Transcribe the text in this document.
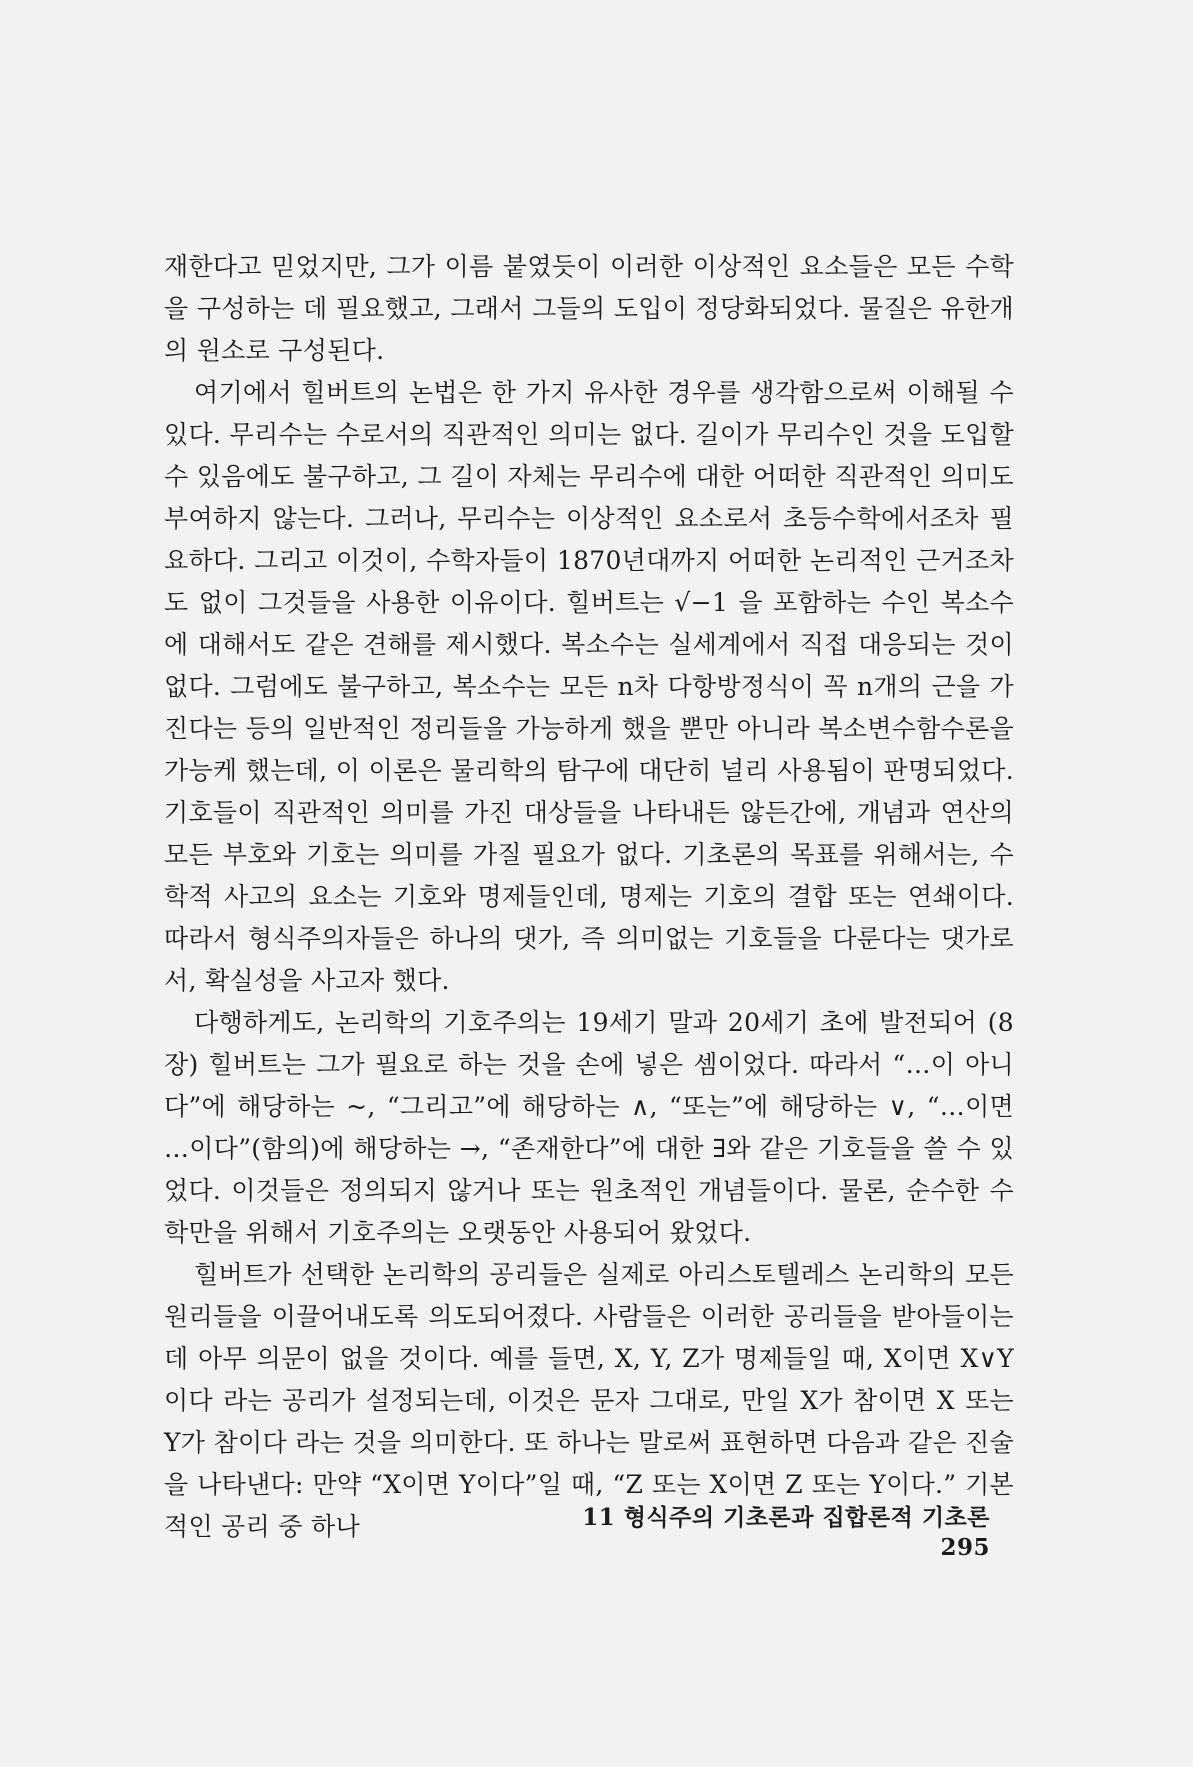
재한다고 믿었지만, 그가 이름 붙였듯이 이러한 이상적인 요소들은 모든 수학을 구성하는 데 필요했고, 그래서 그들의 도입이 정당화되었다. 물질은 유한개의 원소로 구성된다.

여기에서 힐버트의 논법은 한 가지 유사한 경우를 생각함으로써 이해될 수 있다. 무리수는 수로서의 직관적인 의미는 없다. 길이가 무리수인 것을 도입할 수 있음에도 불구하고, 그 길이 자체는 무리수에 대한 어떠한 직관적인 의미도 부여하지 않는다. 그러나, 무리수는 이상적인 요소로서 초등수학에서조차 필요하다. 그리고 이것이, 수학자들이 1870년대까지 어떠한 논리적인 근거조차도 없이 그것들을 사용한 이유이다. 힐버트는 √−1 을 포함하는 수인 복소수에 대해서도 같은 견해를 제시했다. 복소수는 실세계에서 직접 대응되는 것이 없다. 그럼에도 불구하고, 복소수는 모든 n차 다항방정식이 꼭 n개의 근을 가진다는 등의 일반적인 정리들을 가능하게 했을 뿐만 아니라 복소변수함수론을 가능케 했는데, 이 이론은 물리학의 탐구에 대단히 널리 사용됨이 판명되었다. 기호들이 직관적인 의미를 가진 대상들을 나타내든 않든간에, 개념과 연산의 모든 부호와 기호는 의미를 가질 필요가 없다. 기초론의 목표를 위해서는, 수학적 사고의 요소는 기호와 명제들인데, 명제는 기호의 결합 또는 연쇄이다. 따라서 형식주의자들은 하나의 댓가, 즉 의미없는 기호들을 다룬다는 댓가로서, 확실성을 사고자 했다.

다행하게도, 논리학의 기호주의는 19세기 말과 20세기 초에 발전되어 (8장) 힐버트는 그가 필요로 하는 것을 손에 넣은 셈이었다. 따라서 “…이 아니다”에 해당하는 ~, “그리고”에 해당하는 ∧, “또는”에 해당하는 ∨, “…이면 …이다”(함의)에 해당하는 →, “존재한다”에 대한 ∃와 같은 기호들을 쓸 수 있었다. 이것들은 정의되지 않거나 또는 원초적인 개념들이다. 물론, 순수한 수학만을 위해서 기호주의는 오랫동안 사용되어 왔었다.

힐버트가 선택한 논리학의 공리들은 실제로 아리스토텔레스 논리학의 모든 원리들을 이끌어내도록 의도되어졌다. 사람들은 이러한 공리들을 받아들이는 데 아무 의문이 없을 것이다. 예를 들면, X, Y, Z가 명제들일 때, X이면 X∨Y이다 라는 공리가 설정되는데, 이것은 문자 그대로, 만일 X가 참이면 X 또는 Y가 참이다 라는 것을 의미한다. 또 하나는 말로써 표현하면 다음과 같은 진술을 나타낸다: 만약 “X이면 Y이다”일 때, “Z 또는 X이면 Z 또는 Y이다.” 기본적인 공리 중 하나	11 형식주의 기초론과 집합론적 기초론 295
